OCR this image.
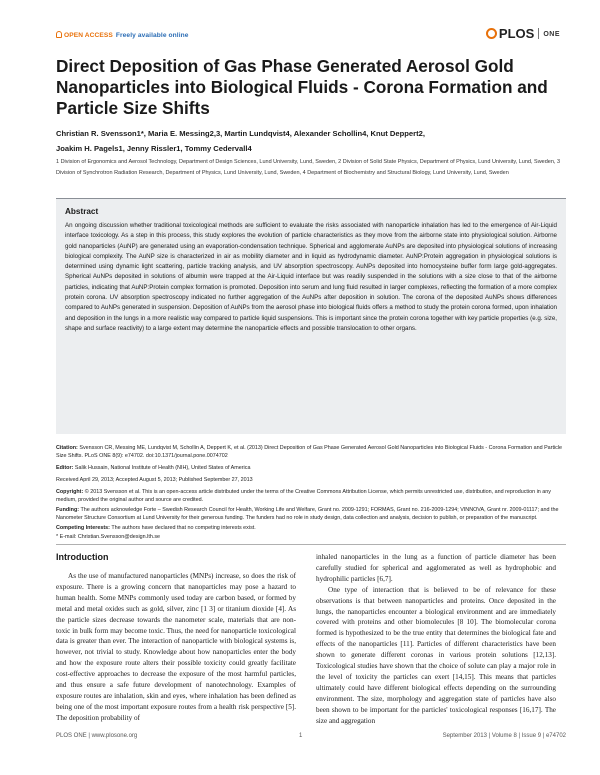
OPEN ACCESS Freely available online	PLOS ONE
Direct Deposition of Gas Phase Generated Aerosol Gold Nanoparticles into Biological Fluids - Corona Formation and Particle Size Shifts
Christian R. Svensson1*, Maria E. Messing2,3, Martin Lundqvist4, Alexander Schollin4, Knut Deppert2,
Joakim H. Pagels1, Jenny Rissler1, Tommy Cedervall4
1 Division of Ergonomics and Aerosol Technology, Department of Design Sciences, Lund University, Lund, Sweden, 2 Division of Solid State Physics, Department of Physics, Lund University, Lund, Sweden, 3 Division of Synchrotron Radiation Research, Department of Physics, Lund University, Lund, Sweden, 4 Department of Biochemistry and Structural Biology, Lund University, Lund, Sweden
Abstract
An ongoing discussion whether traditional toxicological methods are sufficient to evaluate the risks associated with nanoparticle inhalation has led to the emergence of Air-Liquid interface toxicology. As a step in this process, this study explores the evolution of particle characteristics as they move from the airborne state into physiological solution. Airborne gold nanoparticles (AuNP) are generated using an evaporation-condensation technique. Spherical and agglomerate AuNPs are deposited into physiological solutions of increasing biological complexity. The AuNP size is characterized in air as mobility diameter and in liquid as hydrodynamic diameter. AuNP:Protein aggregation in physiological solutions is determined using dynamic light scattering, particle tracking analysis, and UV absorption spectroscopy. AuNPs deposited into homocysteine buffer form large gold-aggregates. Spherical AuNPs deposited in solutions of albumin were trapped at the Air-Liquid interface but was readily suspended in the solutions with a size close to that of the airborne particles, indicating that AuNP:Protein complex formation is promoted. Deposition into serum and lung fluid resulted in larger complexes, reflecting the formation of a more complex protein corona. UV absorption spectroscopy indicated no further aggregation of the AuNPs after deposition in solution. The corona of the deposited AuNPs shows differences compared to AuNPs generated in suspension. Deposition of AuNPs from the aerosol phase into biological fluids offers a method to study the protein corona formed, upon inhalation and deposition in the lungs in a more realistic way compared to particle liquid suspensions. This is important since the protein corona together with key particle properties (e.g. size, shape and surface reactivity) to a large extent may determine the nanoparticle effects and possible translocation to other organs.
Citation: Svensson CR, Messing ME, Lundqvist M, Schollin A, Deppert K, et al. (2013) Direct Deposition of Gas Phase Generated Aerosol Gold Nanoparticles into Biological Fluids - Corona Formation and Particle Size Shifts. PLoS ONE 8(9): e74702. doi:10.1371/journal.pone.0074702
Editor: Salik Hussain, National Institute of Health (NIH), United States of America
Received April 29, 2013; Accepted August 5, 2013; Published September 27, 2013
Copyright: © 2013 Svensson et al. This is an open-access article distributed under the terms of the Creative Commons Attribution License, which permits unrestricted use, distribution, and reproduction in any medium, provided the original author and source are credited.
Funding: The authors acknowledge Forte – Swedish Research Council for Health, Working Life and Welfare, Grant no. 2009-1291; FORMAS, Grant no. 216-2009-1294; VINNOVA, Grant nr. 2009-01117; and the Nanometer Structure Consortium at Lund University for their generous funding. The funders had no role in study design, data collection and analysis, decision to publish, or preparation of the manuscript.
Competing Interests: The authors have declared that no competing interests exist.
* E-mail: Christian.Svensson@design.lth.se
Introduction

As the use of manufactured nanoparticles (MNPs) increase, so does the risk of exposure. There is a growing concern that nanoparticles may pose a hazard to human health. Some MNPs commonly used today are carbon based, or formed by metal and metal oxides such as gold, silver, zinc [1 3] or titanium dioxide [4]. As the particle sizes decrease towards the nanometer scale, materials that are non-toxic in bulk form may become toxic. Thus, the need for nanoparticle toxicological data is greater than ever. The interaction of nanoparticle with biological systems is, however, not trivial to study. Knowledge about how nanoparticles enter the body and how the exposure route alters their possible toxicity could greatly facilitate cost-effective approaches to decrease the exposure of the most harmful particles, and thus ensure a safe future development of nanotechnology. Examples of exposure routes are inhalation, skin and eyes, where inhalation has been defined as being one of the most important exposure routes from a health risk perspective [5]. The deposition probability of

inhaled nanoparticles in the lung as a function of particle diameter has been carefully studied for spherical and agglomerated as well as hydrophobic and hydrophilic particles [6,7].

One type of interaction that is believed to be of relevance for these observations is that between nanoparticles and proteins. Once deposited in the lungs, the nanoparticles encounter a biological environment and are immediately covered with proteins and other biomolecules [8 10]. The biomolecular corona formed is hypothesized to be the true entity that determines the biological fate and effects of the nanoparticles [11]. Particles of different characteristics have been shown to generate different coronas in various protein solutions [12,13]. Toxicological studies have shown that the choice of solute can play a major role in the level of toxicity the particles can exert [14,15]. This means that particles ultimately could have different biological effects depending on the surrounding environment. The size, morphology and aggregation state of particles have also been shown to be important for the particles' toxicological responses [16,17]. The size and aggregation

PLOS ONE | www.plosone.org	1	September 2013 | Volume 8 | Issue 9 | e74702
